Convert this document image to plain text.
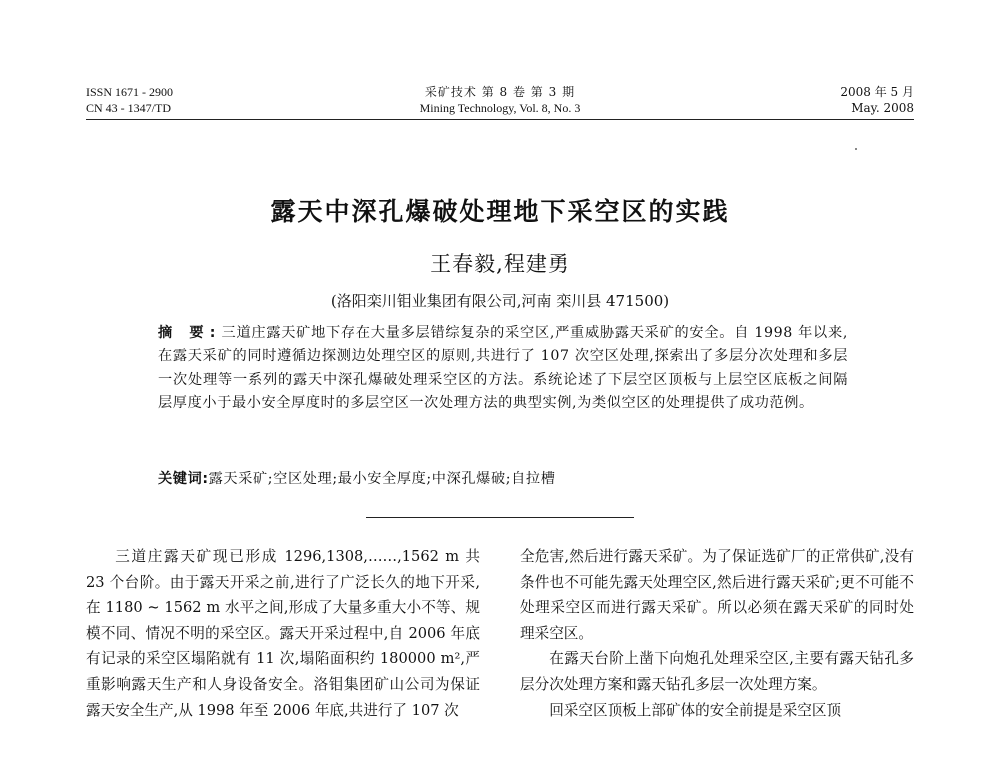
ISSN 1671 - 2900
CN 43 - 1347/TD
采矿技术 第 8 卷 第 3 期
Mining Technology, Vol. 8, No. 3
2008 年 5 月
May. 2008
露天中深孔爆破处理地下采空区的实践
王春毅,程建勇
(洛阳栾川钼业集团有限公司,河南 栾川县 471500)
摘 要:三道庄露天矿地下存在大量多层错综复杂的采空区,严重威胁露天采矿的安全。自 1998 年以来,在露天采矿的同时遵循边探测边处理空区的原则,共进行了 107 次空区处理,探索出了多层分次处理和多层一次处理等一系列的露天中深孔爆破处理采空区的方法。系统论述了下层空区顶板与上层空区底板之间隔层厚度小于最小安全厚度时的多层空区一次处理方法的典型实例,为类似空区的处理提供了成功范例。
关键词:露天采矿;空区处理;最小安全厚度;中深孔爆破;自拉槽

三道庄露天矿现已形成 1296,1308,……,1562 m 共 23 个台阶。由于露天开采之前,进行了广泛长久的地下开采,在 1180 ~ 1562 m 水平之间,形成了大量多重大小不等、规模不同、情况不明的采空区。露天开采过程中,自 2006 年底有记录的采空区塌陷就有 11 次,塌陷面积约 180000 m²,严重影响露天生产和人身设备安全。洛钼集团矿山公司为保证露天安全生产,从 1998 年至 2006 年底,共进行了 107 次

全危害,然后进行露天采矿。为了保证选矿厂的正常供矿,没有条件也不可能先露天处理空区,然后进行露天采矿;更不可能不处理采空区而进行露天采矿。所以必须在露天采矿的同时处理采空区。

在露天台阶上凿下向炮孔处理采空区,主要有露天钻孔多层分次处理方案和露天钻孔多层一次处理方案。

回采空区顶板上部矿体的安全前提是采空区顶
